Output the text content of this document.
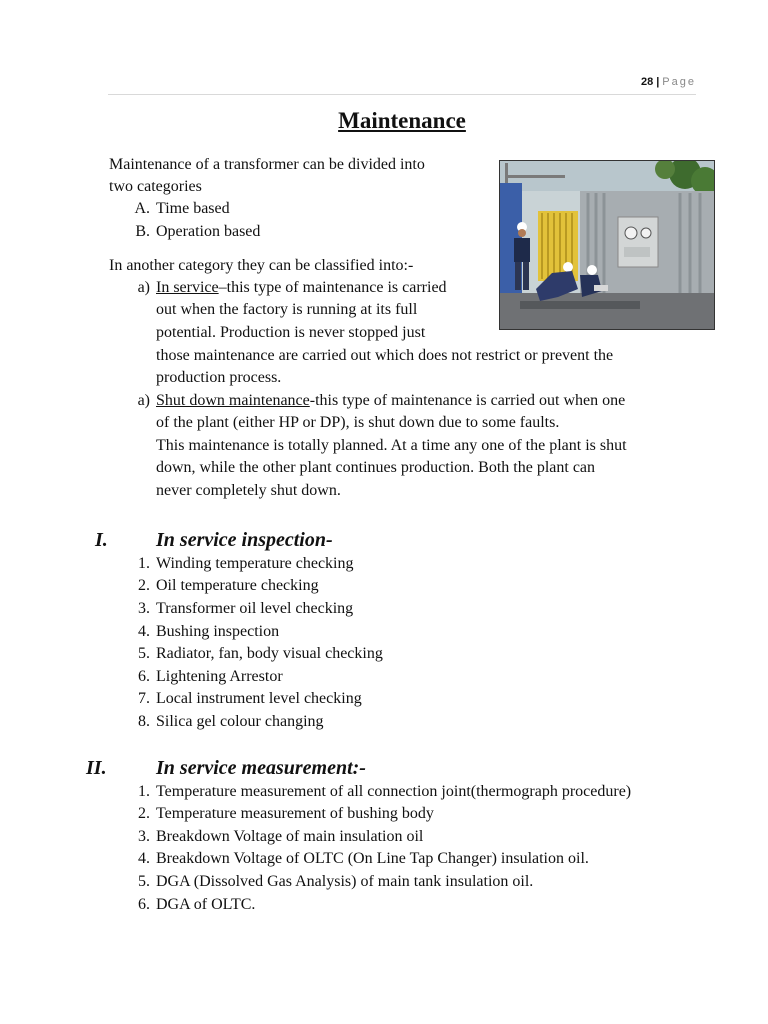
28 | Page
Maintenance
Maintenance of a transformer can be divided into
two categories
A. Time based
B. Operation based
In another category they can be classified into:-
a) In service–this type of maintenance is carried
out when the factory is running at its full
potential. Production is never stopped just
those maintenance are carried out which does not restrict or prevent the
production process.
a) Shut down maintenance-this type of maintenance is carried out when one
of the plant (either HP or DP), is shut down due to some faults.
This maintenance is totally planned. At a time any one of the plant is shut
down, while the other plant continues production. Both the plant can
never completely shut down.
I. In service inspection-
1. Winding temperature checking
2. Oil temperature checking
3. Transformer oil level checking
4. Bushing inspection
5. Radiator, fan, body visual checking
6. Lightening Arrestor
7. Local instrument level checking
8. Silica gel colour changing
II. In service measurement:-
1. Temperature measurement of all connection joint(thermograph procedure)
2. Temperature measurement of bushing body
3. Breakdown Voltage of main insulation oil
4. Breakdown Voltage of OLTC (On Line Tap Changer) insulation oil.
5. DGA (Dissolved Gas Analysis) of main tank insulation oil.
6. DGA of OLTC.
